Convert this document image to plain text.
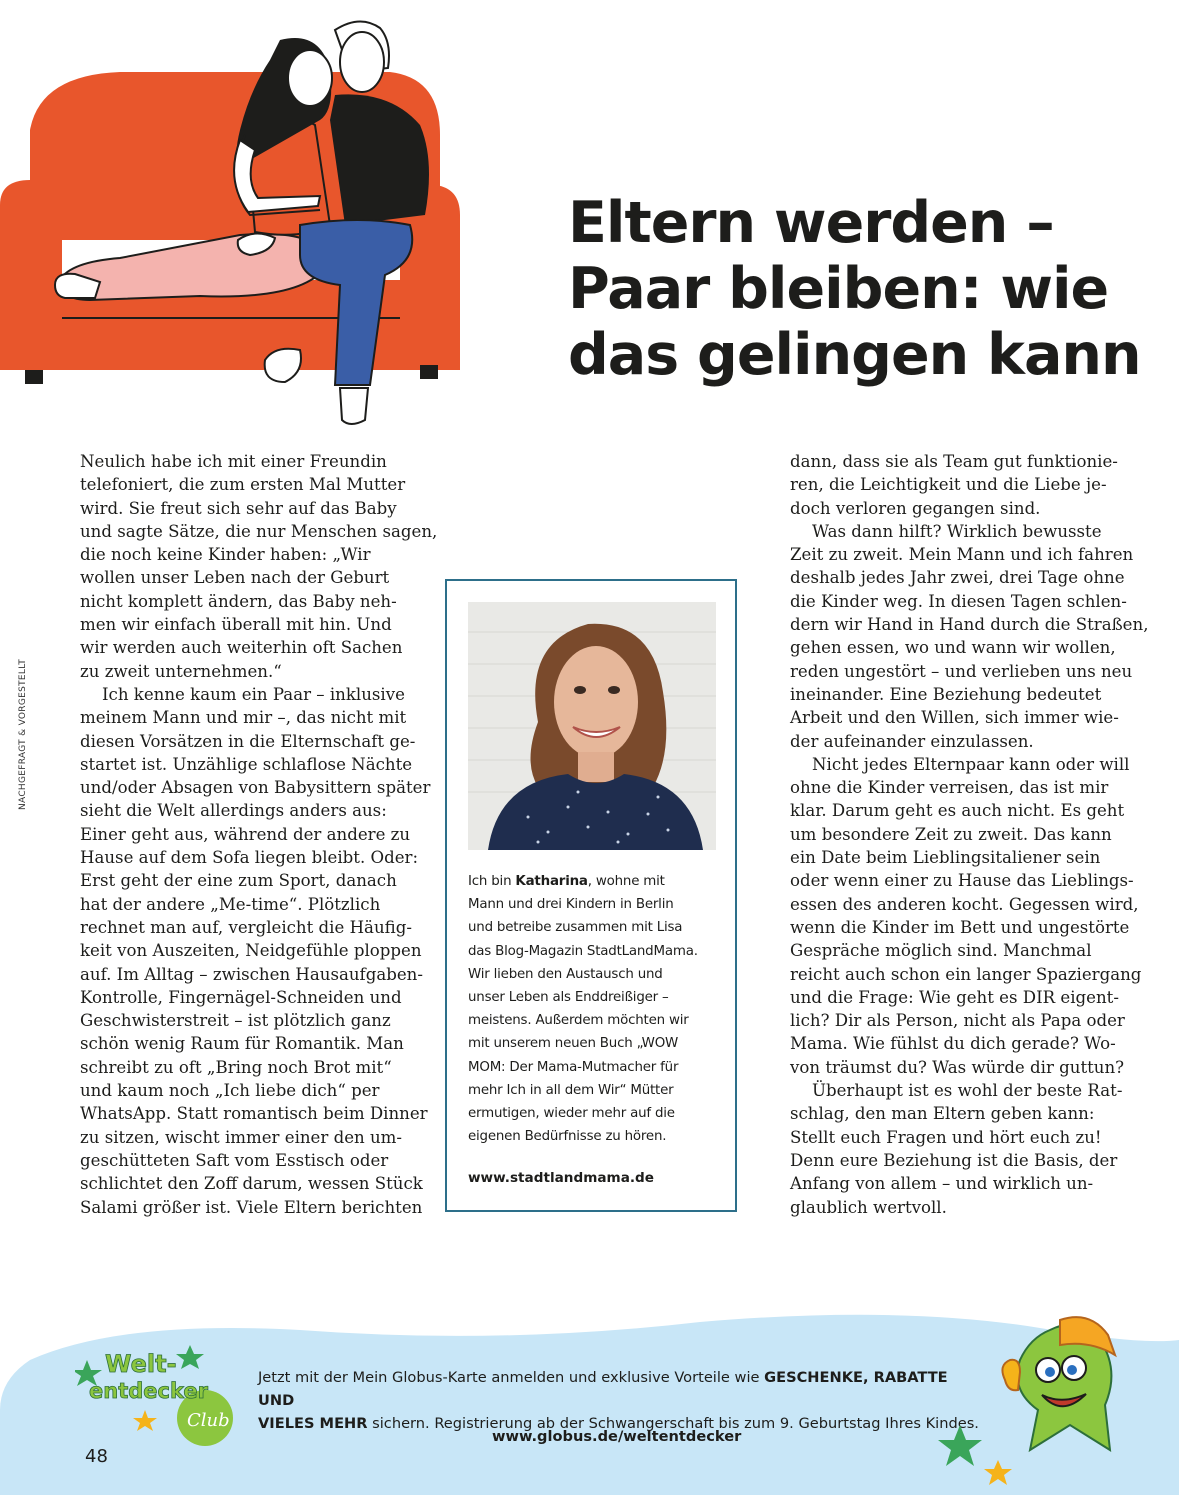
Eltern werden –
Paar bleiben: wie
das gelingen kann
NACHGEFRAGT & VORGESTELLT
Neulich habe ich mit einer Freundin
telefoniert, die zum ersten Mal Mutter
wird. Sie freut sich sehr auf das Baby
und sagte Sätze, die nur Menschen sagen,
die noch keine Kinder haben: „Wir
wollen unser Leben nach der Geburt
nicht komplett ändern, das Baby neh-
men wir einfach überall mit hin. Und
wir werden auch weiterhin oft Sachen
zu zweit unternehmen.“
Ich kenne kaum ein Paar – inklusive
meinem Mann und mir –, das nicht mit
diesen Vorsätzen in die Elternschaft ge-
startet ist. Unzählige schlaflose Nächte
und/oder Absagen von Babysittern später
sieht die Welt allerdings anders aus:
Einer geht aus, während der andere zu
Hause auf dem Sofa liegen bleibt. Oder:
Erst geht der eine zum Sport, danach
hat der andere „Me-time“. Plötzlich
rechnet man auf, vergleicht die Häufig-
keit von Auszeiten, Neidgefühle ploppen
auf. Im Alltag – zwischen Hausaufgaben-
Kontrolle, Fingernägel-Schneiden und
Geschwisterstreit – ist plötzlich ganz
schön wenig Raum für Romantik. Man
schreibt zu oft „Bring noch Brot mit“
und kaum noch „Ich liebe dich“ per
WhatsApp. Statt romantisch beim Dinner
zu sitzen, wischt immer einer den um-
geschütteten Saft vom Esstisch oder
schlichtet den Zoff darum, wessen Stück
Salami größer ist. Viele Eltern berichten
Ich bin Katharina, wohne mit
Mann und drei Kindern in Berlin
und betreibe zusammen mit Lisa
das Blog-Magazin StadtLandMama.
Wir lieben den Austausch und
unser Leben als Enddreißiger –
meistens. Außerdem möchten wir
mit unserem neuen Buch „WOW
MOM: Der Mama-Mutmacher für
mehr Ich in all dem Wir“ Mütter
ermutigen, wieder mehr auf die
eigenen Bedürfnisse zu hören.
www.stadtlandmama.de
dann, dass sie als Team gut funktionie-
ren, die Leichtigkeit und die Liebe je-
doch verloren gegangen sind.
Was dann hilft? Wirklich bewusste
Zeit zu zweit. Mein Mann und ich fahren
deshalb jedes Jahr zwei, drei Tage ohne
die Kinder weg. In diesen Tagen schlen-
dern wir Hand in Hand durch die Straßen,
gehen essen, wo und wann wir wollen,
reden ungestört – und verlieben uns neu
ineinander. Eine Beziehung bedeutet
Arbeit und den Willen, sich immer wie-
der aufeinander einzulassen.
Nicht jedes Elternpaar kann oder will
ohne die Kinder verreisen, das ist mir
klar. Darum geht es auch nicht. Es geht
um besondere Zeit zu zweit. Das kann
ein Date beim Lieblingsitaliener sein
oder wenn einer zu Hause das Lieblings-
essen des anderen kocht. Gegessen wird,
wenn die Kinder im Bett und ungestörte
Gespräche möglich sind. Manchmal
reicht auch schon ein langer Spaziergang
und die Frage: Wie geht es DIR eigent-
lich? Dir als Person, nicht als Papa oder
Mama. Wie fühlst du dich gerade? Wo-
von träumst du? Was würde dir guttun?
Überhaupt ist es wohl der beste Rat-
schlag, den man Eltern geben kann:
Stellt euch Fragen und hört euch zu!
Denn eure Beziehung ist die Basis, der
Anfang von allem – und wirklich un-
glaublich wertvoll.
Welt-
entdecker
Club
Jetzt mit der Mein Globus-Karte anmelden und exklusive Vorteile wie GESCHENKE, RABATTE UND
VIELES MEHR sichern. Registrierung ab der Schwangerschaft bis zum 9. Geburtstag Ihres Kindes.
www.globus.de/weltentdecker
48
